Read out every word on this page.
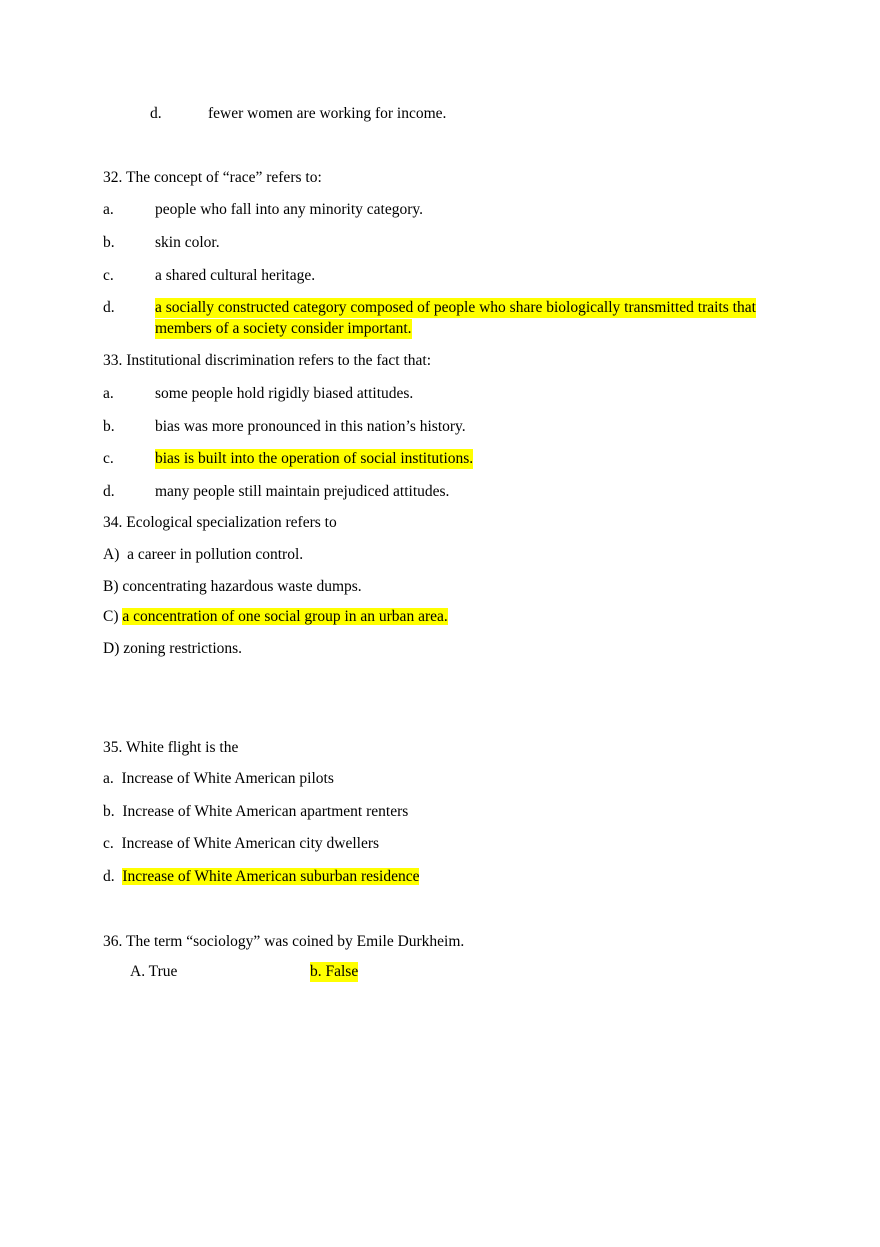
d.	fewer women are working for income.
32. The concept of “race” refers to:
a.	people who fall into any minority category.
b.	skin color.
c.	a shared cultural heritage.
d.	a socially constructed category composed of people who share biologically transmitted traits that
members of a society consider important.
33. Institutional discrimination refers to the fact that:
a.	some people hold rigidly biased attitudes.
b.	bias was more pronounced in this nation’s history.
c.	bias is built into the operation of social institutions.
d.	many people still maintain prejudiced attitudes.
34. Ecological specialization refers to
A) a career in pollution control.
B) concentrating hazardous waste dumps.
C) a concentration of one social group in an urban area.
D) zoning restrictions.
35. White flight is the
a. Increase of White American pilots
b. Increase of White American apartment renters
c. Increase of White American city dwellers
d. Increase of White American suburban residence
36. The term “sociology” was coined by Emile Durkheim.
A. True	b. False
